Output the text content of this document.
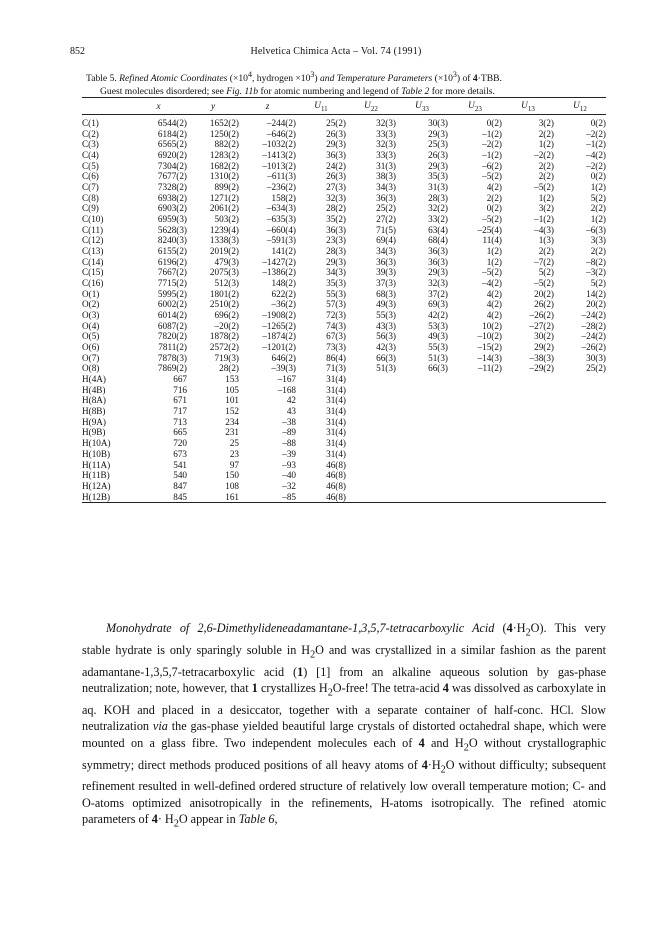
852	Helvetica Chimica Acta – Vol. 74 (1991)
Table 5. Refined Atomic Coordinates ($\times 10^4$, hydrogen $\times 10^3$) and Temperature Parameters $(\times 10^3)$ of 4·TBB.
Guest molecules disordered; see Fig. 11b for atomic numbering and legend of Table 2 for more details.
	x	y	z	$U_{11}$	$U_{22}$	$U_{33}$	$U_{23}$	$U_{13}$	$U_{12}$

C(1)	6544(2)	1652(2)	–244(2)	25(2)	32(3)	30(3)	0(2)	3(2)	0(2)
C(2)	6184(2)	1250(2)	–646(2)	26(3)	33(3)	29(3)	–1(2)	2(2)	–2(2)
C(3)	6565(2)	882(2)	–1032(2)	29(3)	32(3)	25(3)	–2(2)	1(2)	–1(2)
C(4)	6920(2)	1283(2)	–1413(2)	36(3)	33(3)	26(3)	–1(2)	–2(2)	–4(2)
C(5)	7304(2)	1682(2)	–1013(2)	24(2)	31(3)	29(3)	–6(2)	2(2)	–2(2)
C(6)	7677(2)	1310(2)	–611(3)	26(3)	38(3)	35(3)	–5(2)	2(2)	0(2)
C(7)	7328(2)	899(2)	–236(2)	27(3)	34(3)	31(3)	4(2)	–5(2)	1(2)
C(8)	6938(2)	1271(2)	158(2)	32(3)	36(3)	28(3)	2(2)	1(2)	5(2)
C(9)	6903(2)	2061(2)	–634(3)	28(2)	25(2)	32(2)	0(2)	3(2)	2(2)
C(10)	6959(3)	503(2)	–635(3)	35(2)	27(2)	33(2)	–5(2)	–1(2)	1(2)
C(11)	5628(3)	1239(4)	–660(4)	36(3)	71(5)	63(4)	–25(4)	–4(3)	–6(3)
C(12)	8240(3)	1338(3)	–591(3)	23(3)	69(4)	68(4)	11(4)	1(3)	3(3)
C(13)	6155(2)	2019(2)	141(2)	28(3)	34(3)	36(3)	1(2)	2(2)	2(2)
C(14)	6196(2)	479(3)	–1427(2)	29(3)	36(3)	36(3)	1(2)	–7(2)	–8(2)
C(15)	7667(2)	2075(3)	–1386(2)	34(3)	39(3)	29(3)	–5(2)	5(2)	–3(2)
C(16)	7715(2)	512(3)	148(2)	35(3)	37(3)	32(3)	–4(2)	–5(2)	5(2)
O(1)	5995(2)	1801(2)	622(2)	55(3)	68(3)	37(2)	4(2)	20(2)	14(2)
O(2)	6002(2)	2510(2)	–36(2)	57(3)	49(3)	69(3)	4(2)	26(2)	20(2)
O(3)	6014(2)	696(2)	–1908(2)	72(3)	55(3)	42(2)	4(2)	–26(2)	–24(2)
O(4)	6087(2)	–20(2)	–1265(2)	74(3)	43(3)	53(3)	10(2)	–27(2)	–28(2)
O(5)	7820(2)	1878(2)	–1874(2)	67(3)	56(3)	49(3)	–10(2)	30(2)	–24(2)
O(6)	7811(2)	2572(2)	–1201(2)	73(3)	42(3)	55(3)	–15(2)	29(2)	–26(2)
O(7)	7878(3)	719(3)	646(2)	86(4)	66(3)	51(3)	–14(3)	–38(3)	30(3)
O(8)	7869(2)	28(2)	–39(3)	71(3)	51(3)	66(3)	–11(2)	–29(2)	25(2)
H(4A)	667	153	–167	31(4)					
H(4B)	716	105	–168	31(4)					
H(8A)	671	101	42	31(4)					
H(8B)	717	152	43	31(4)					
H(9A)	713	234	–38	31(4)					
H(9B)	665	231	–89	31(4)					
H(10A)	720	25	–88	31(4)					
H(10B)	673	23	–39	31(4)					
H(11A)	541	97	–93	46(8)					
H(11B)	540	150	–40	46(8)					
H(12A)	847	108	–32	46(8)					
H(12B)	845	161	–85	46(8)					

Monohydrate of 2,6-Dimethylideneadamantane-1,3,5,7-tetracarboxylic Acid $(4\cdot H_2O)$. This very stable hydrate is only sparingly soluble in $H_2O$ and was crystallized in a similar fashion as the parent adamantane-1,3,5,7-tetracarboxylic acid (1) [1] from an alkaline aqueous solution by gas-phase neutralization; note, however, that 1 crystallizes $H_2O$-free! The tetra-acid 4 was dissolved as carboxylate in aq. KOH and placed in a desiccator, together with a separate container of half-conc. HCl. Slow neutralization via the gas-phase yielded beautiful large crystals of distorted octahedral shape, which were mounted on a glass fibre. Two independent molecules each of 4 and $H_2O$ without crystallographic symmetry; direct methods produced positions of all heavy atoms of $4\cdot H_2O$ without difficulty; subsequent refinement resulted in well-defined ordered structure of relatively low overall temperature motion; C- and O-atoms optimized anisotropically in the refinements, H-atoms isotropically. The refined atomic parameters of $4\cdot H_2O$ appear in Table 6,
